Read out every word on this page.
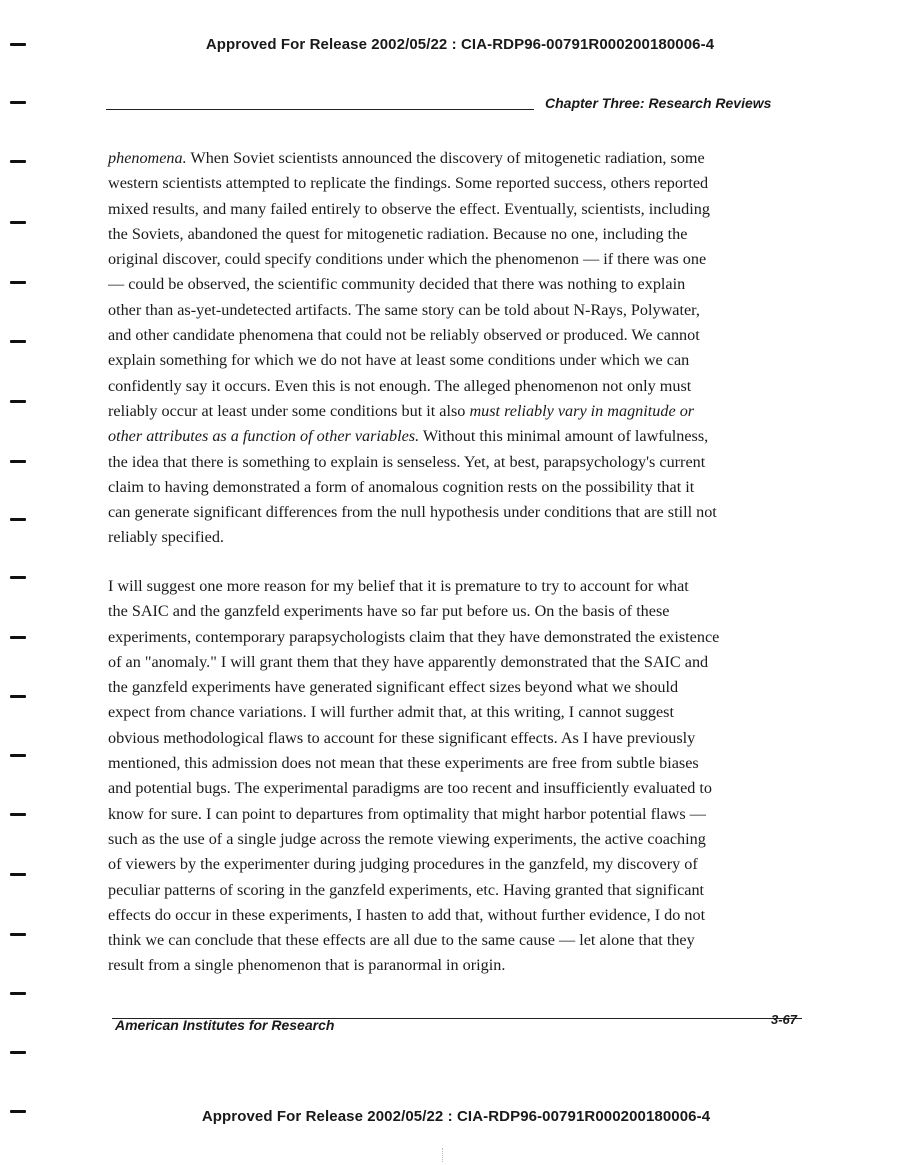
Approved For Release 2002/05/22 : CIA-RDP96-00791R000200180006-4
Chapter Three: Research Reviews
phenomena. When Soviet scientists announced the discovery of mitogenetic radiation, some
western scientists attempted to replicate the findings. Some reported success, others reported
mixed results, and many failed entirely to observe the effect. Eventually, scientists, including
the Soviets, abandoned the quest for mitogenetic radiation. Because no one, including the
original discover, could specify conditions under which the phenomenon — if there was one
— could be observed, the scientific community decided that there was nothing to explain
other than as-yet-undetected artifacts. The same story can be told about N-Rays, Polywater,
and other candidate phenomena that could not be reliably observed or produced. We cannot
explain something for which we do not have at least some conditions under which we can
confidently say it occurs. Even this is not enough. The alleged phenomenon not only must
reliably occur at least under some conditions but it also must reliably vary in magnitude or
other attributes as a function of other variables. Without this minimal amount of lawfulness,
the idea that there is something to explain is senseless. Yet, at best, parapsychology's current
claim to having demonstrated a form of anomalous cognition rests on the possibility that it
can generate significant differences from the null hypothesis under conditions that are still not
reliably specified.
I will suggest one more reason for my belief that it is premature to try to account for what
the SAIC and the ganzfeld experiments have so far put before us. On the basis of these
experiments, contemporary parapsychologists claim that they have demonstrated the existence
of an "anomaly." I will grant them that they have apparently demonstrated that the SAIC and
the ganzfeld experiments have generated significant effect sizes beyond what we should
expect from chance variations. I will further admit that, at this writing, I cannot suggest
obvious methodological flaws to account for these significant effects. As I have previously
mentioned, this admission does not mean that these experiments are free from subtle biases
and potential bugs. The experimental paradigms are too recent and insufficiently evaluated to
know for sure. I can point to departures from optimality that might harbor potential flaws —
such as the use of a single judge across the remote viewing experiments, the active coaching
of viewers by the experimenter during judging procedures in the ganzfeld, my discovery of
peculiar patterns of scoring in the ganzfeld experiments, etc. Having granted that significant
effects do occur in these experiments, I hasten to add that, without further evidence, I do not
think we can conclude that these effects are all due to the same cause — let alone that they
result from a single phenomenon that is paranormal in origin.
American Institutes for Research	3-67
Approved For Release 2002/05/22 : CIA-RDP96-00791R000200180006-4
